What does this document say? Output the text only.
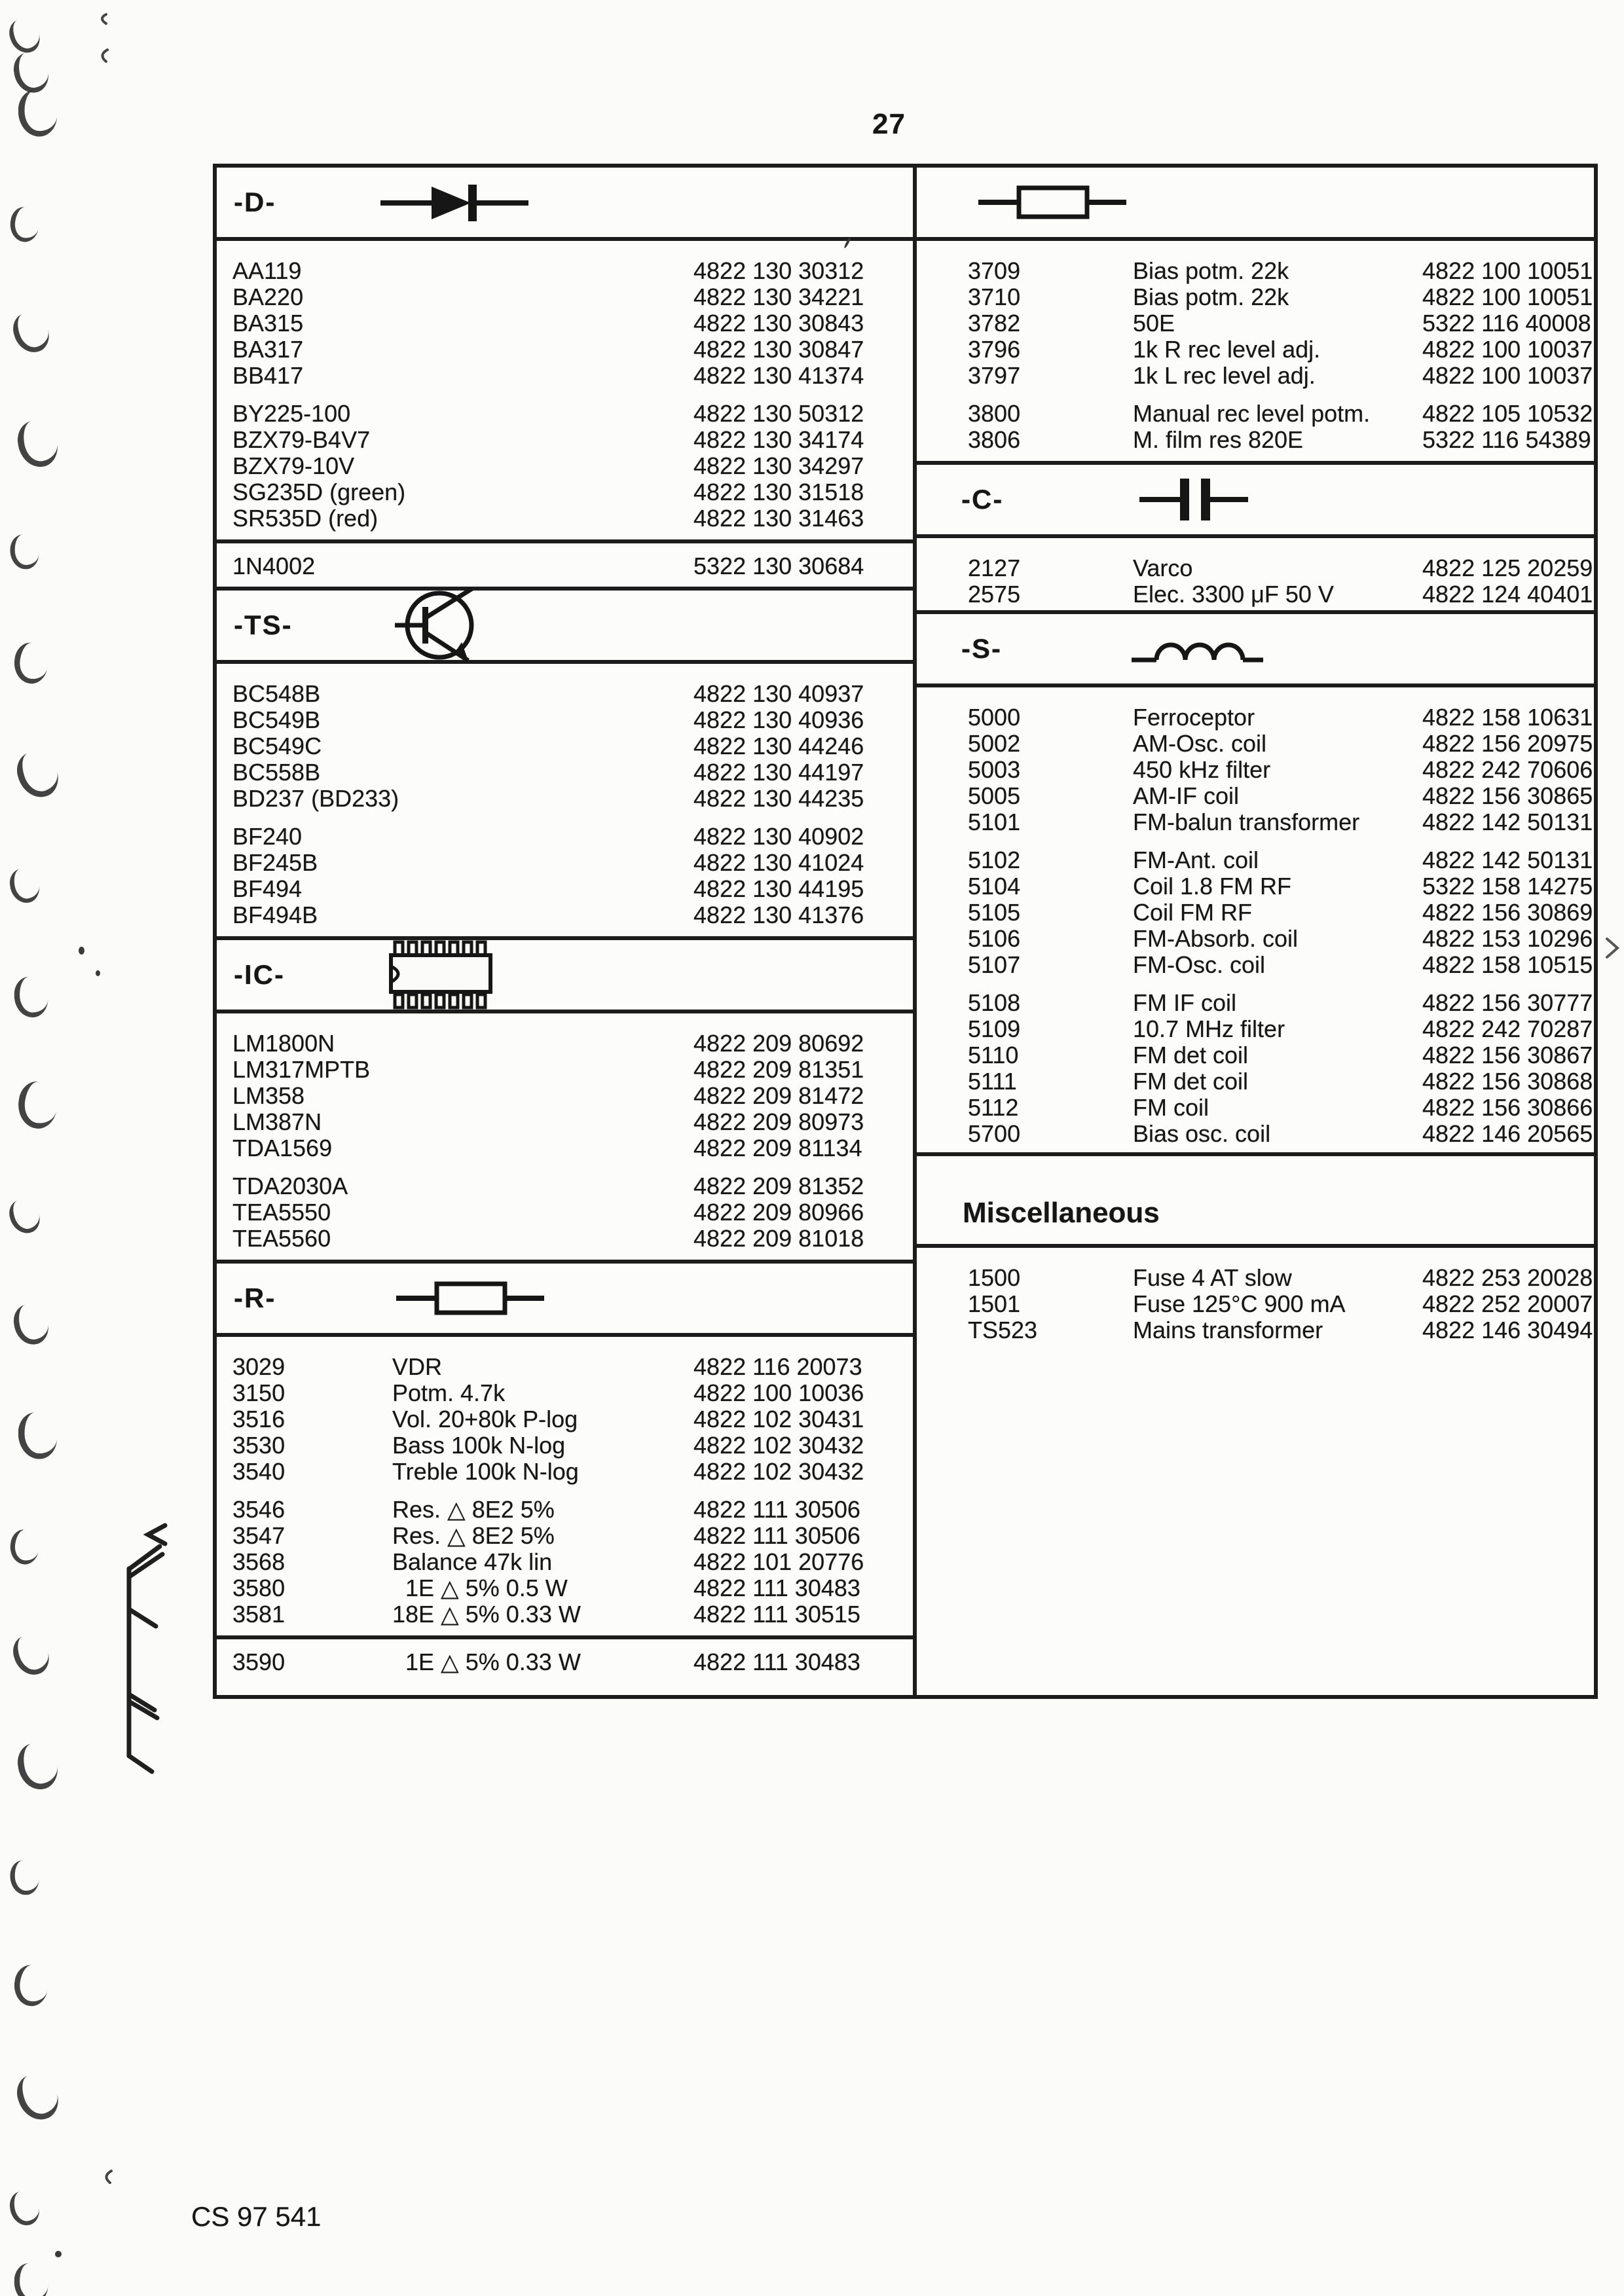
27
-D-
AA119	4822 130 30312
BA220	4822 130 34221
BA315	4822 130 30843
BA317	4822 130 30847
BB417	4822 130 41374
BY225-100	4822 130 50312
BZX79-B4V7	4822 130 34174
BZX79-10V	4822 130 34297
SG235D (green)	4822 130 31518
SR535D (red)	4822 130 31463
1N4002	5322 130 30684
-TS-
BC548B	4822 130 40937
BC549B	4822 130 40936
BC549C	4822 130 44246
BC558B	4822 130 44197
BD237 (BD233)	4822 130 44235
BF240	4822 130 40902
BF245B	4822 130 41024
BF494	4822 130 44195
BF494B	4822 130 41376
-IC-
LM1800N	4822 209 80692
LM317MPTB	4822 209 81351
LM358	4822 209 81472
LM387N	4822 209 80973
TDA1569	4822 209 81134
TDA2030A	4822 209 81352
TEA5550	4822 209 80966
TEA5560	4822 209 81018
-R-
3029	VDR	4822 116 20073
3150	Potm. 4.7k	4822 100 10036
3516	Vol. 20+80k P-log	4822 102 30431
3530	Bass 100k N-log	4822 102 30432
3540	Treble 100k N-log	4822 102 30432
3546	Res. △ 8E2 5%	4822 111 30506
3547	Res. △ 8E2 5%	4822 111 30506
3568	Balance 47k lin	4822 101 20776
3580	1E △ 5% 0.5 W	4822 111 30483
3581	18E △ 5% 0.33 W	4822 111 30515
3590	1E △ 5% 0.33 W	4822 111 30483
3709	Bias potm. 22k	4822 100 10051
3710	Bias potm. 22k	4822 100 10051
3782	50E	5322 116 40008
3796	1k R rec level adj.	4822 100 10037
3797	1k L rec level adj.	4822 100 10037
3800	Manual rec level potm. 4822 105 10532
3806	M. film res 820E	5322 116 54389
-C-
2127	Varco	4822 125 20259
2575	Elec. 3300 μF 50 V	4822 124 40401
-S-
5000	Ferroceptor	4822 158 10631
5002	AM-Osc. coil	4822 156 20975
5003	450 kHz filter	4822 242 70606
5005	AM-IF coil	4822 156 30865
5101	FM-balun transformer	4822 142 50131
5102	FM-Ant. coil	4822 142 50131
5104	Coil 1.8 FM RF	5322 158 14275
5105	Coil FM RF	4822 156 30869
5106	FM-Absorb. coil	4822 153 10296
5107	FM-Osc. coil	4822 158 10515
5108	FM IF coil	4822 156 30777
5109	10.7 MHz filter	4822 242 70287
5110	FM det coil	4822 156 30867
5111	FM det coil	4822 156 30868
5112	FM coil	4822 156 30866
5700	Bias osc. coil	4822 146 20565
Miscellaneous
1500	Fuse 4 AT slow	4822 253 20028
1501	Fuse 125°C 900 mA	4822 252 20007
TS523	Mains transformer	4822 146 30494
CS 97 541
